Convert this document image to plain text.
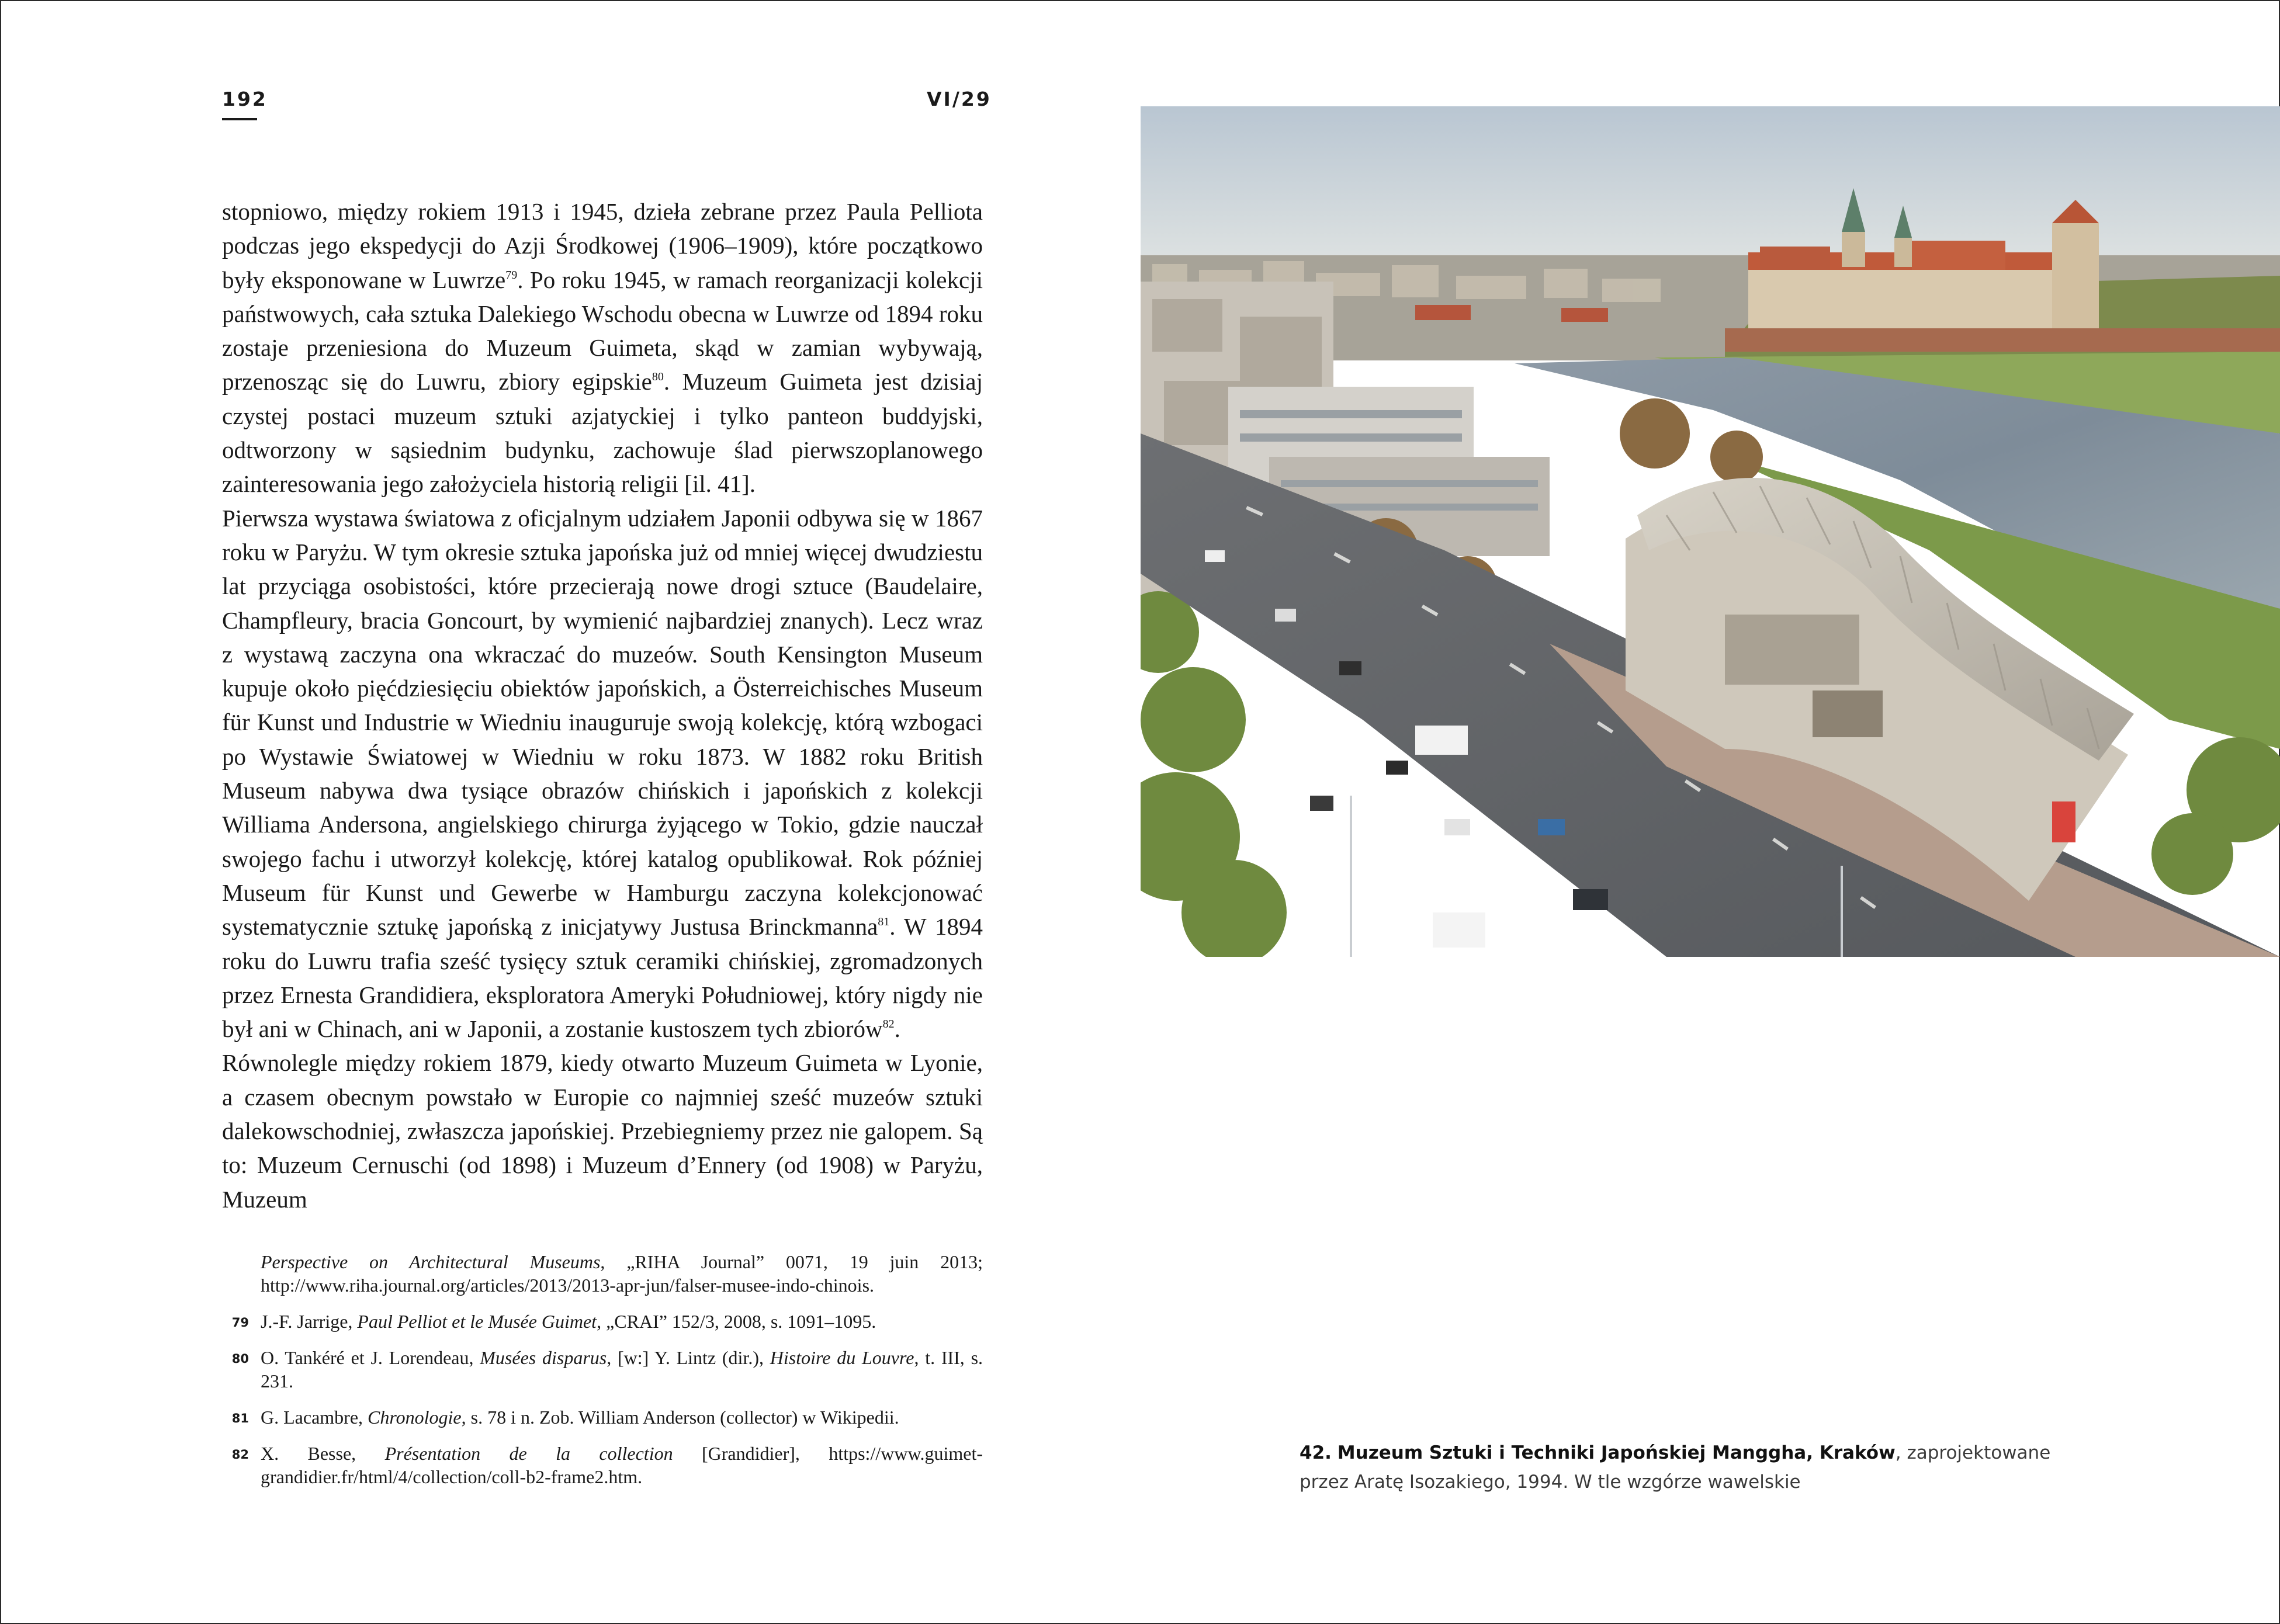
192	VI/29

stopniowo, między rokiem 1913 i 1945, dzieła zebrane przez Paula Pelliota podczas jego ekspedycji do Azji Środkowej (1906–1909), które początkowo były eksponowane w Luwrze$^{79}$. Po roku 1945, w ramach reorganizacji kolekcji państwowych, cała sztuka Dalekiego Wschodu obecna w Luwrze od 1894 roku zostaje przeniesiona do Muzeum Guimeta, skąd w zamian wybywają, przenosząc się do Luwru, zbiory egipskie$^{80}$. Muzeum Guimeta jest dzisiaj czystej postaci muzeum sztuki azjatyckiej i tylko panteon buddyjski, odtworzony w sąsiednim budynku, zachowuje ślad pierwszoplanowego zainteresowania jego założyciela historią religii [il. 41].

Pierwsza wystawa światowa z oficjalnym udziałem Japonii odbywa się w 1867 roku w Paryżu. W tym okresie sztuka japońska już od mniej więcej dwudziestu lat przyciąga osobistości, które przecierają nowe drogi sztuce (Baudelaire, Champfleury, bracia Goncourt, by wymienić najbardziej znanych). Lecz wraz z wystawą zaczyna ona wkraczać do muzeów. South Kensington Museum kupuje około pięćdziesięciu obiektów japońskich, a Österreichisches Museum für Kunst und Industrie w Wiedniu inauguruje swoją kolekcję, którą wzbogaci po Wystawie Światowej w Wiedniu w roku 1873. W 1882 roku British Museum nabywa dwa tysiące obrazów chińskich i japońskich z kolekcji Williama Andersona, angielskiego chirurga żyjącego w Tokio, gdzie nauczał swojego fachu i utworzył kolekcję, której katalog opublikował. Rok później Museum für Kunst und Gewerbe w Hamburgu zaczyna kolekcjonować systematycznie sztukę japońską z inicjatywy Justusa Brinckmanna$^{81}$. W 1894 roku do Luwru trafia sześć tysięcy sztuk ceramiki chińskiej, zgromadzonych przez Ernesta Grandidiera, eksploratora Ameryki Południowej, który nigdy nie był ani w Chinach, ani w Japonii, a zostanie kustoszem tych zbiorów$^{82}$.

Równolegle między rokiem 1879, kiedy otwarto Muzeum Guimeta w Lyonie, a czasem obecnym powstało w Europie co najmniej sześć muzeów sztuki dalekowschodniej, zwłaszcza japońskiej. Przebiegniemy przez nie galopem. Są to: Muzeum Cernuschi (od 1898) i Muzeum d’Ennery (od 1908) w Paryżu, Muzeum

Perspective on Architectural Museums, „RIHA Journal” 0071, 19 juin 2013; http://www.riha.journal.org/articles/2013/2013-apr-jun/falser-musee-indo-chinois.
79 J.-F. Jarrige, Paul Pelliot et le Musée Guimet, „CRAI” 152/3, 2008, s. 1091–1095.
80 O. Tankéré et J. Lorendeau, Musées disparus, [w:] Y. Lintz (dir.), Histoire du Louvre, t. III, s. 231.
81 G. Lacambre, Chronologie, s. 78 i n. Zob. William Anderson (collector) w Wikipedii.
82 X. Besse, Présentation de la collection [Grandidier], https://www.guimet-grandidier.fr/html/4/collection/coll-b2-frame2.htm.
42. Muzeum Sztuki i Techniki Japońskiej Manggha, Kraków, zaprojektowane przez Aratę Isozakiego, 1994. W tle wzgórze wawelskie
